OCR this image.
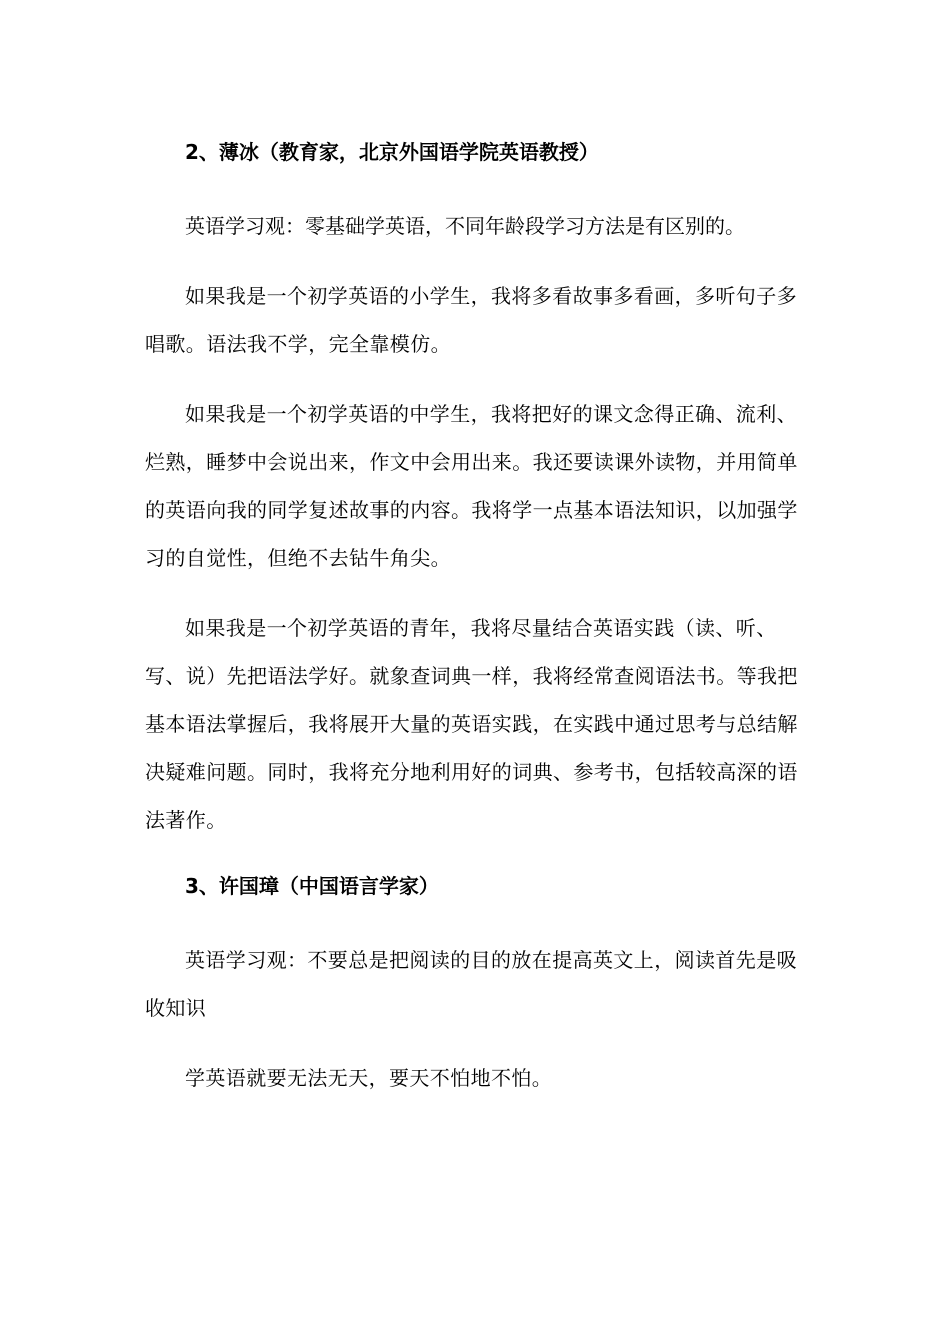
2、薄冰（教育家，北京外国语学院英语教授）

英语学习观：零基础学英语，不同年龄段学习方法是有区别的。

如果我是一个初学英语的小学生，我将多看故事多看画，多听句子多唱歌。语法我不学，完全靠模仿。

如果我是一个初学英语的中学生，我将把好的课文念得正确、流利、烂熟，睡梦中会说出来，作文中会用出来。我还要读课外读物，并用简单的英语向我的同学复述故事的内容。我将学一点基本语法知识，以加强学习的自觉性，但绝不去钻牛角尖。

如果我是一个初学英语的青年，我将尽量结合英语实践（读、听、写、说）先把语法学好。就象查词典一样，我将经常查阅语法书。等我把基本语法掌握后，我将展开大量的英语实践，在实践中通过思考与总结解决疑难问题。同时，我将充分地利用好的词典、参考书，包括较高深的语法著作。

3、许国璋（中国语言学家）

英语学习观：不要总是把阅读的目的放在提高英文上，阅读首先是吸收知识

学英语就要无法无天，要天不怕地不怕。
